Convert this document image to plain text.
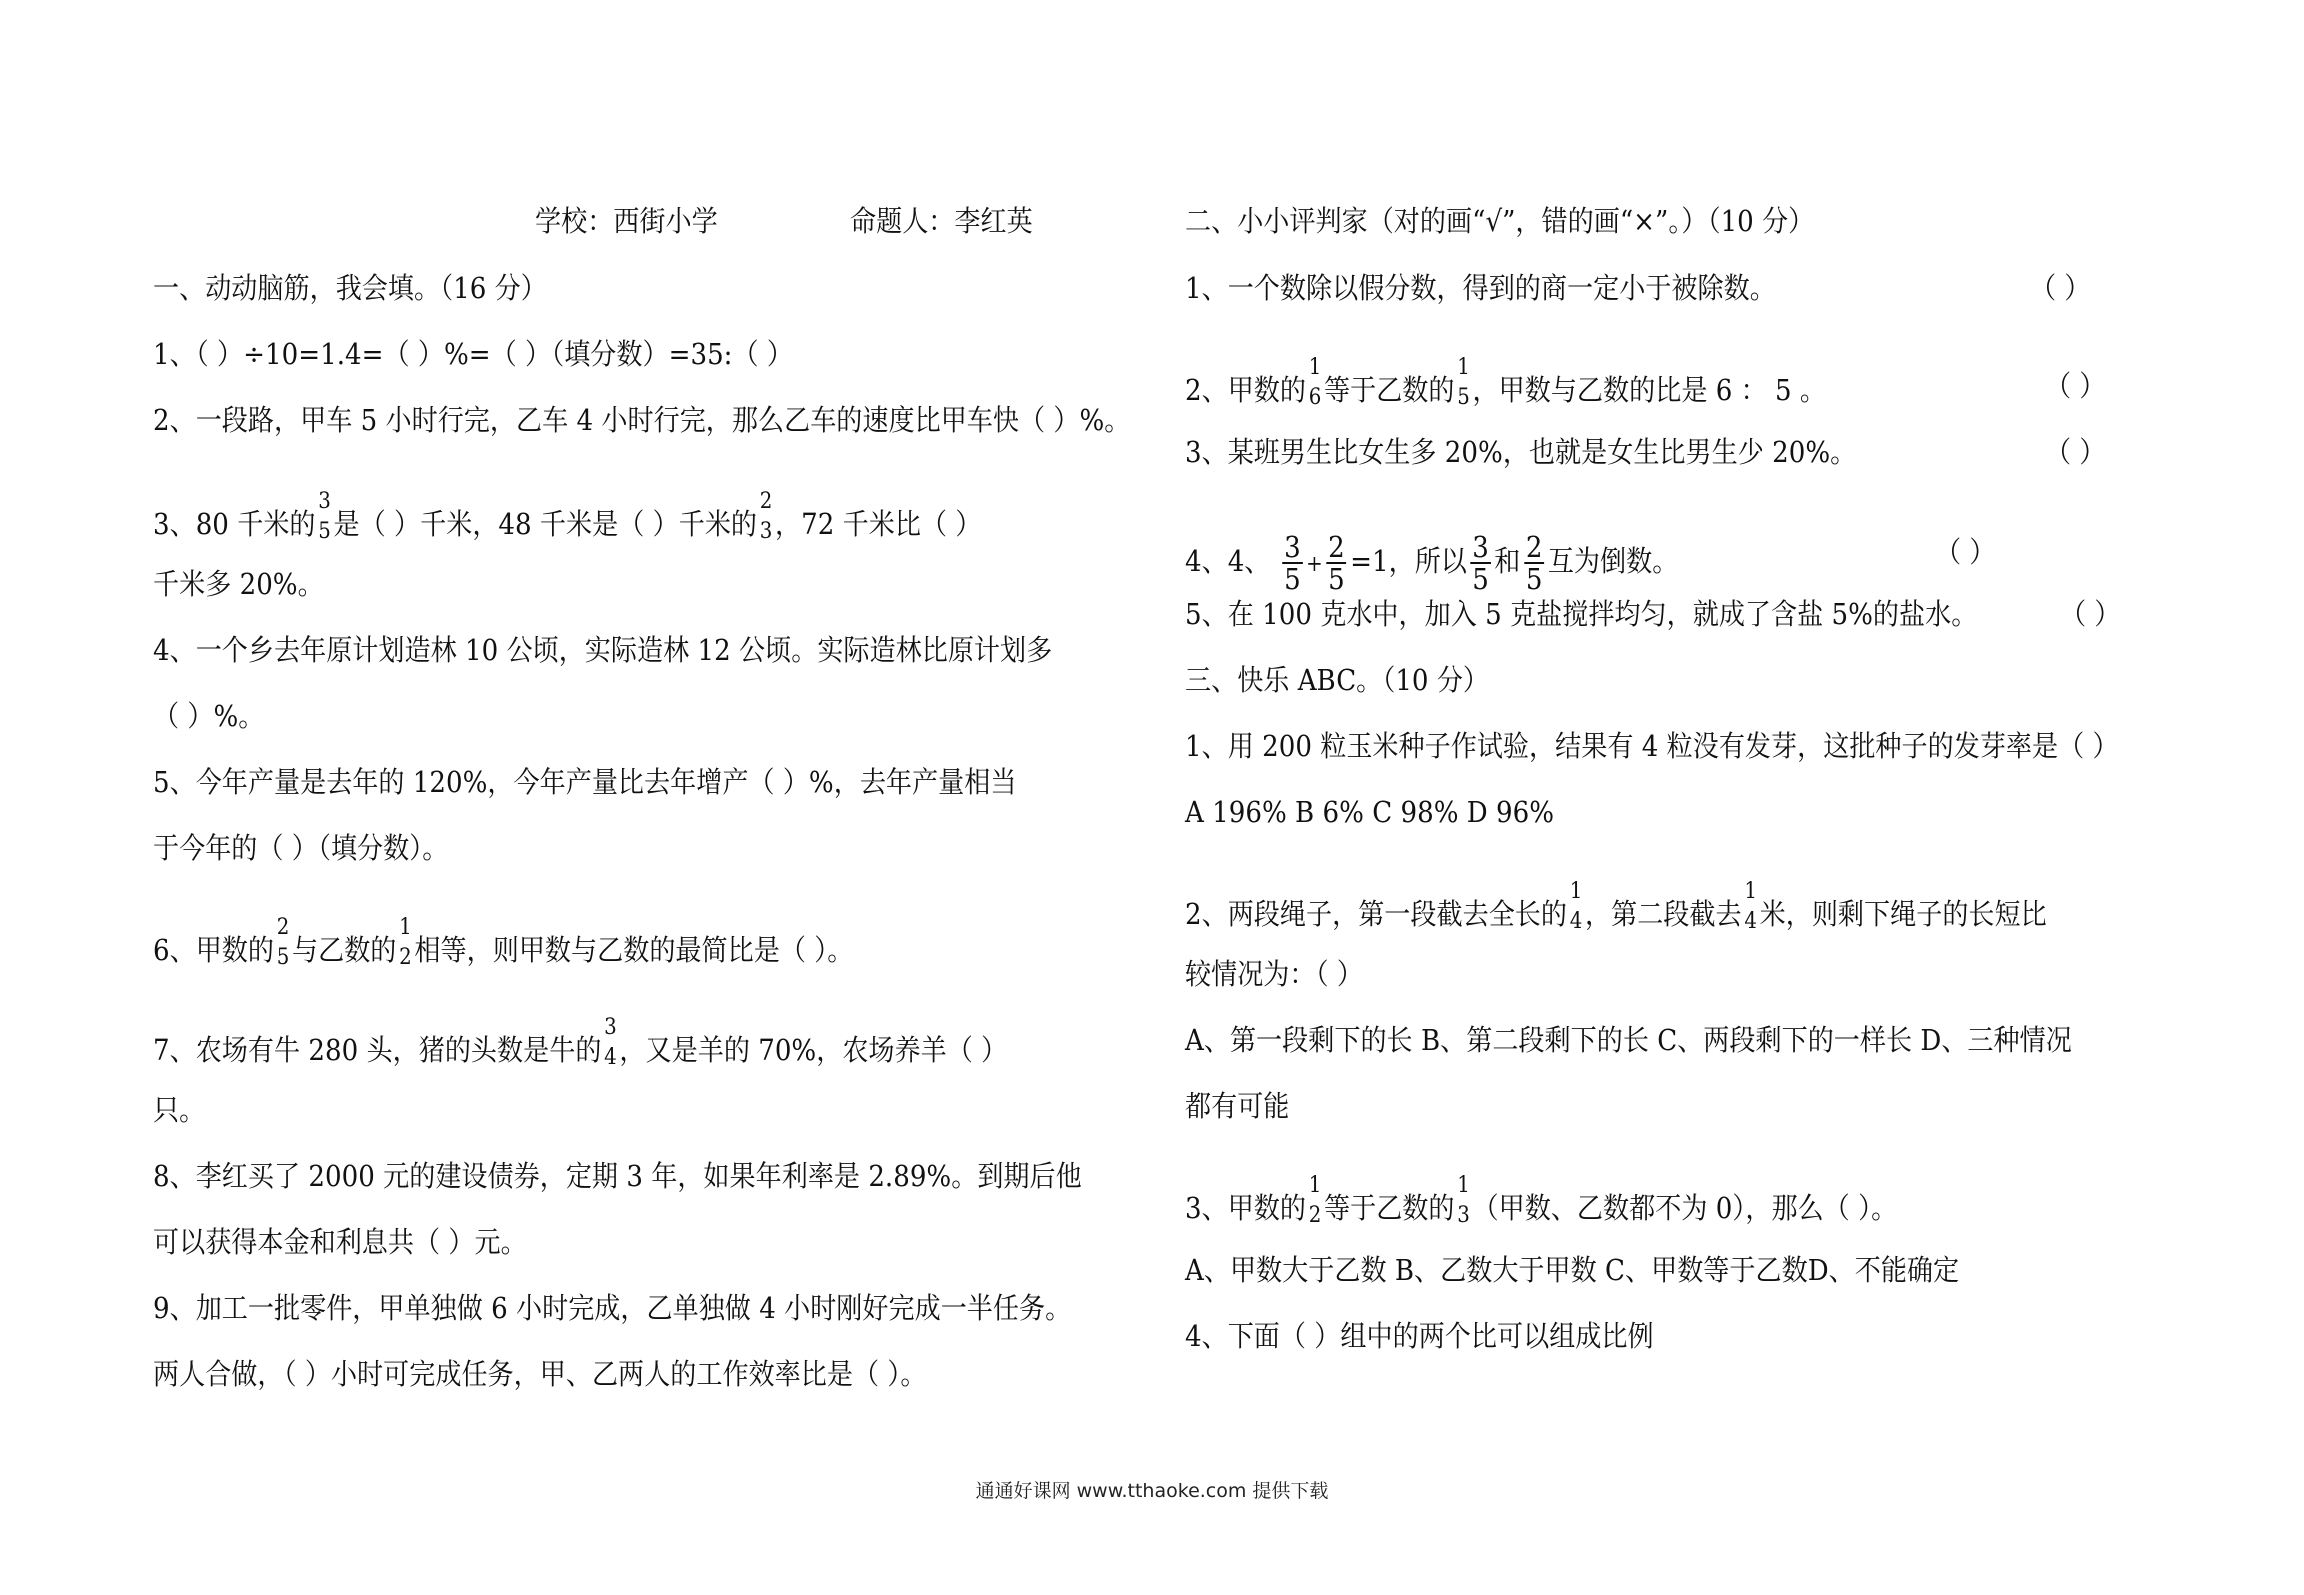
学校：西街小学	命题人：李红英
一、动动脑筋，我会填。（16 分）
1、（ ）÷10=1.4=（ ）%=（ ）（填分数）=35:（ ）
2、一段路，甲车 5 小时行完，乙车 4 小时行完，那么乙车的速度比甲车快（ ）%。
3、80 千米的
3
5 是（ ）千米，48 千米是（ ）千米的
2
3 ，72 千米比（ ）
千米多 20%。
4、一个乡去年原计划造林 10 公顷，实际造林 12 公顷。实际造林比原计划多
（ ）%。
5、今年产量是去年的 120%，今年产量比去年增产（ ）%，去年产量相当
于今年的（ ）（填分数）。
6、甲数的
2
5 与乙数的
1
2 相等，则甲数与乙数的最简比是（ ）。
7、农场有牛 280 头，猪的头数是牛的
3
4 ，又是羊的 70%，农场养羊（ ）
只。
8、李红买了 2000 元的建设债券，定期 3 年，如果年利率是 2.89%。到期后他
可以获得本金和利息共（ ）元。
9、加工一批零件，甲单独做 6 小时完成，乙单独做 4 小时刚好完成一半任务。
两人合做，（ ）小时可完成任务，甲、乙两人的工作效率比是（ ）。
二、小小评判家（对的画“√”，错的画“×”。）（10 分）
1、一个数除以假分数，得到的商一定小于被除数。	（ ）
2、甲数的
1
6 等于乙数的
1
5 ，甲数与乙数的比是 6 ： 5 。	（ ）
3、某班男生比女生多 20%，也就是女生比男生少 20%。	（ ）
4、4、 $\frac{3}{5} + \frac{2}{5} =1$，所以 $\frac{3}{5}$ 和 $\frac{2}{5}$ 互为倒数。	（ ）
5、在 100 克水中，加入 5 克盐搅拌均匀，就成了含盐 5%的盐水。	（ ）
三、快乐 ABC。（10 分）
1、用 200 粒玉米种子作试验，结果有 4 粒没有发芽，这批种子的发芽率是（ ）
A 196% B 6% C 98% D 96%
2、两段绳子，第一段截去全长的
1
4 ，第二段截去
1
4 米，则剩下绳子的长短比
较情况为：（ ）
A、第一段剩下的长 B、第二段剩下的长 C、两段剩下的一样长 D、三种情况
都有可能
3、甲数的
1
2 等于乙数的
1
3 （甲数、乙数都不为 0），那么（ ）。
A、甲数大于乙数 B、乙数大于甲数 C、甲数等于乙数D、不能确定
4、下面（ ）组中的两个比可以组成比例
通通好课网 www.tthaoke.com 提供下载
